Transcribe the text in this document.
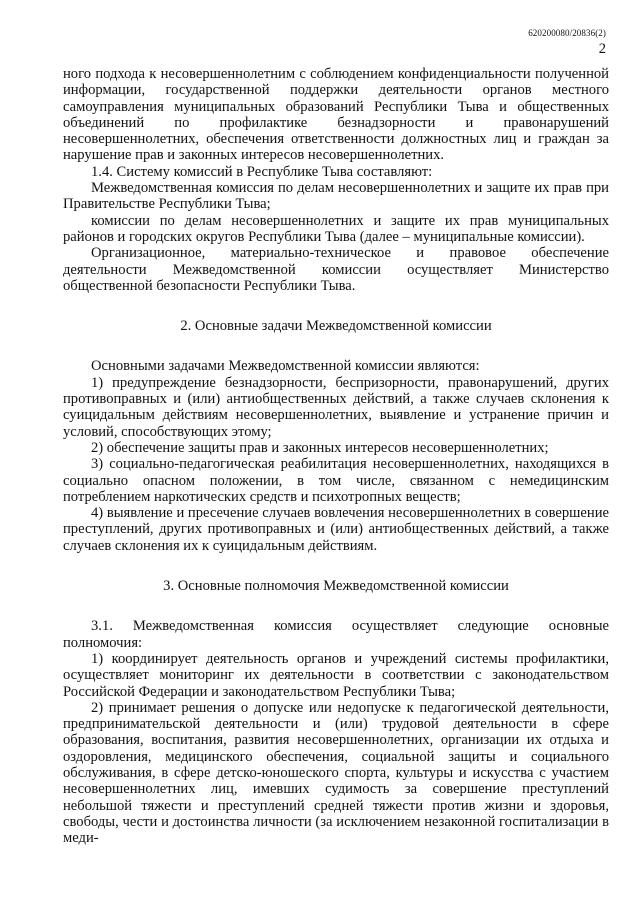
620200080/20836(2)
2

ного подхода к несовершеннолетним с соблюдением конфиденциальности полученной информации, государственной поддержки деятельности органов местного самоуправления муниципальных образований Республики Тыва и общественных объединений по профилактике безнадзорности и правонарушений несовершеннолетних, обеспечения ответственности должностных лиц и граждан за нарушение прав и законных интересов несовершеннолетних.

1.4. Систему комиссий в Республике Тыва составляют:

Межведомственная комиссия по делам несовершеннолетних и защите их прав при Правительстве Республики Тыва;

комиссии по делам несовершеннолетних и защите их прав муниципальных районов и городских округов Республики Тыва (далее – муниципальные комиссии).

Организационное, материально-техническое и правовое обеспечение деятельности Межведомственной комиссии осуществляет Министерство общественной безопасности Республики Тыва.

2. Основные задачи Межведомственной комиссии

Основными задачами Межведомственной комиссии являются:

1) предупреждение безнадзорности, беспризорности, правонарушений, других противоправных и (или) антиобщественных действий, а также случаев склонения к суицидальным действиям несовершеннолетних, выявление и устранение причин и условий, способствующих этому;

2) обеспечение защиты прав и законных интересов несовершеннолетних;

3) социально-педагогическая реабилитация несовершеннолетних, находящихся в социально опасном положении, в том числе, связанном с немедицинским потреблением наркотических средств и психотропных веществ;

4) выявление и пресечение случаев вовлечения несовершеннолетних в совершение преступлений, других противоправных и (или) антиобщественных действий, а также случаев склонения их к суицидальным действиям.

3. Основные полномочия Межведомственной комиссии

3.1. Межведомственная комиссия осуществляет следующие основные полномочия:

1) координирует деятельность органов и учреждений системы профилактики, осуществляет мониторинг их деятельности в соответствии с законодательством Российской Федерации и законодательством Республики Тыва;

2) принимает решения о допуске или недопуске к педагогической деятельности, предпринимательской деятельности и (или) трудовой деятельности в сфере образования, воспитания, развития несовершеннолетних, организации их отдыха и оздоровления, медицинского обеспечения, социальной защиты и социального обслуживания, в сфере детско-юношеского спорта, культуры и искусства с участием несовершеннолетних лиц, имевших судимость за совершение преступлений небольшой тяжести и преступлений средней тяжести против жизни и здоровья, свободы, чести и достоинства личности (за исключением незаконной госпитализации в меди-
